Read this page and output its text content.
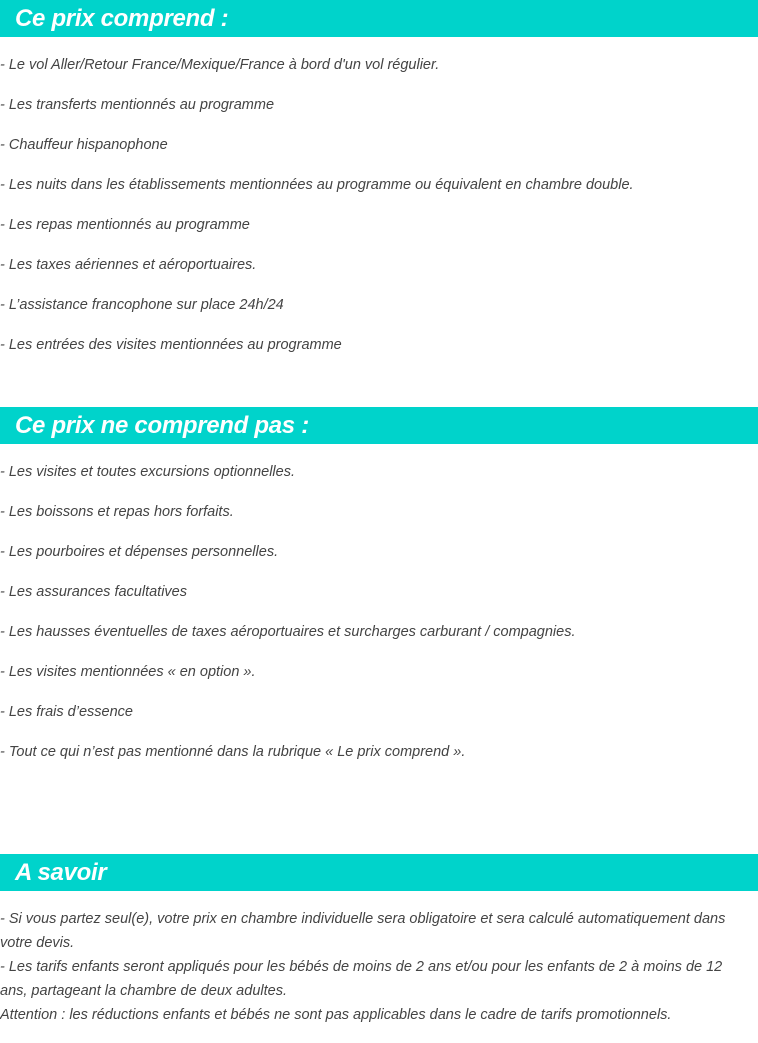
Ce prix comprend :

- Le vol Aller/Retour France/Mexique/France à bord d'un vol régulier.

- Les transferts mentionnés au programme

- Chauffeur hispanophone

- Les nuits dans les établissements mentionnées au programme ou équivalent en chambre double.

- Les repas mentionnés au programme

- Les taxes aériennes et aéroportuaires.

- L’assistance francophone sur place 24h/24

- Les entrées des visites mentionnées au programme

Ce prix ne comprend pas :

- Les visites et toutes excursions optionnelles.

- Les boissons et repas hors forfaits.

- Les pourboires et dépenses personnelles.

- Les assurances facultatives

- Les hausses éventuelles de taxes aéroportuaires et surcharges carburant / compagnies.

- Les visites mentionnées « en option ».

- Les frais d’essence

- Tout ce qui n’est pas mentionné dans la rubrique « Le prix comprend ».

A savoir

- Si vous partez seul(e), votre prix en chambre individuelle sera obligatoire et sera calculé automatiquement dans votre devis.

- Les tarifs enfants seront appliqués pour les bébés de moins de 2 ans et/ou pour les enfants de 2 à moins de 12 ans, partageant la chambre de deux adultes.

Attention : les réductions enfants et bébés ne sont pas applicables dans le cadre de tarifs promotionnels.
